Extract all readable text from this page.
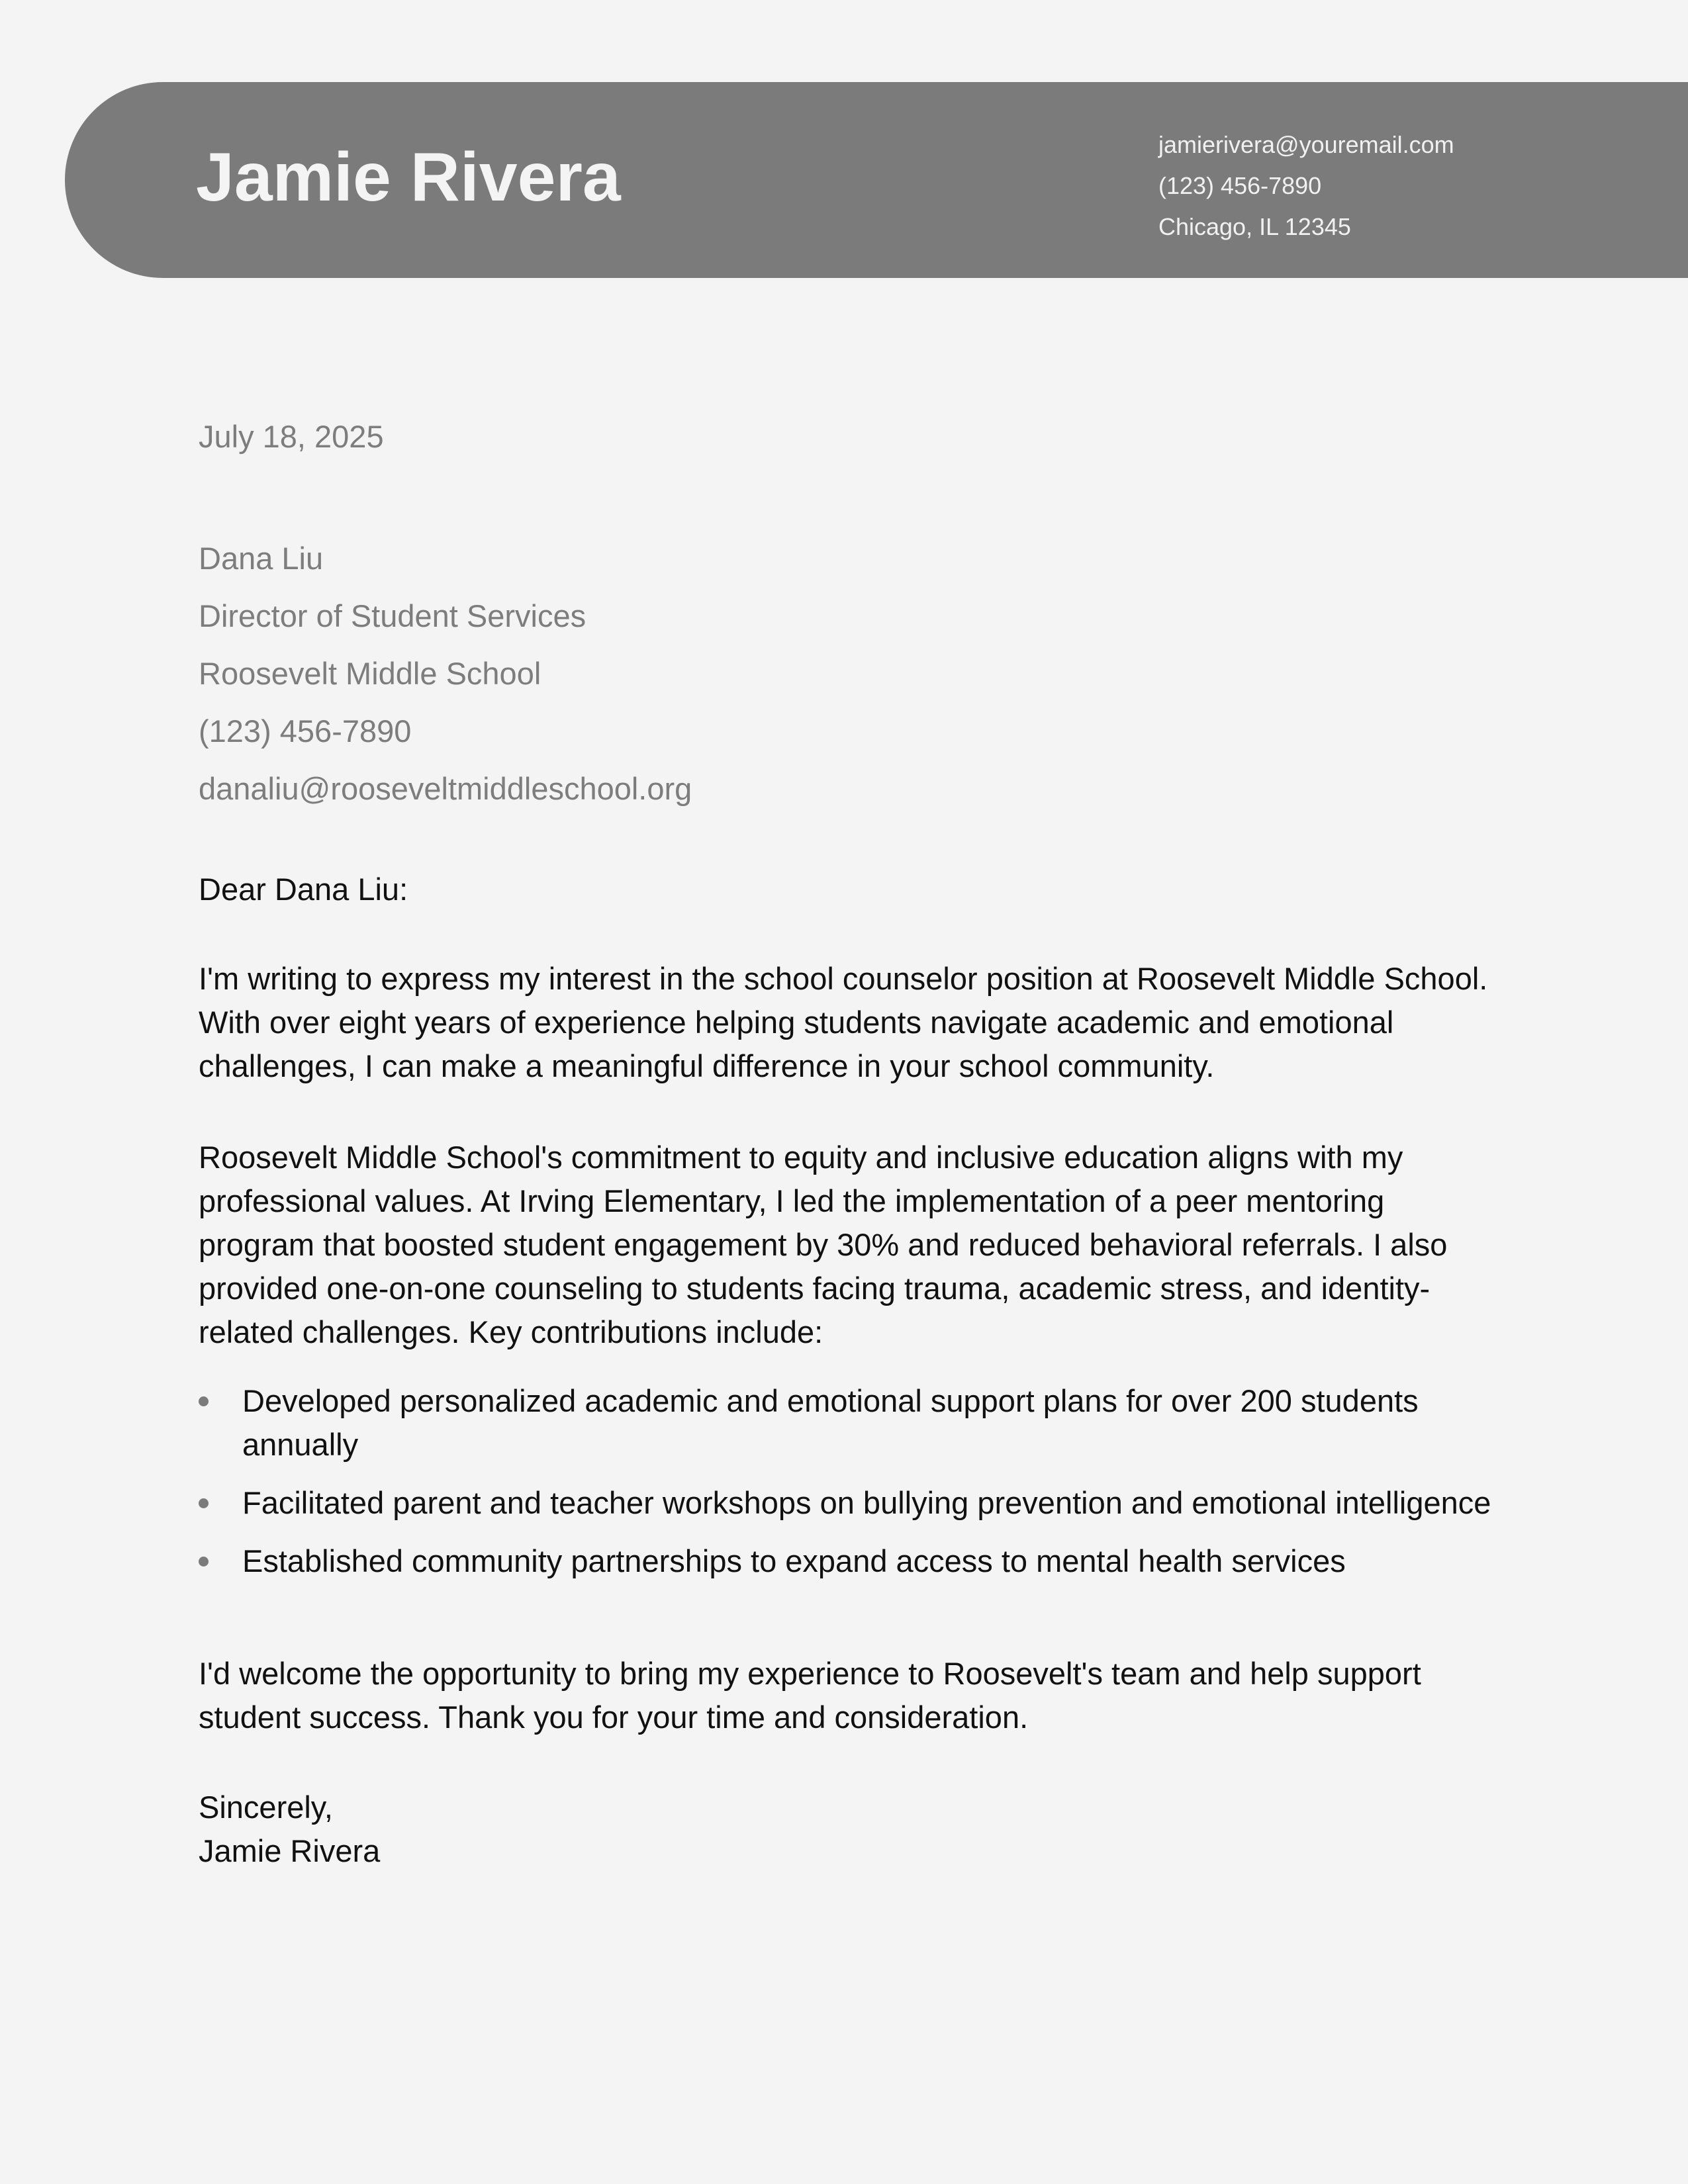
Jamie Rivera	jamierivera@youremail.com
(123) 456-7890
Chicago, IL 12345

July 18, 2025

Dana Liu
Director of Student Services
Roosevelt Middle School
(123) 456-7890
danaliu@rooseveltmiddleschool.org

Dear Dana Liu:

I'm writing to express my interest in the school counselor position at Roosevelt Middle School. With over eight years of experience helping students navigate academic and emotional challenges, I can make a meaningful difference in your school community.

Roosevelt Middle School's commitment to equity and inclusive education aligns with my professional values. At Irving Elementary, I led the implementation of a peer mentoring program that boosted student engagement by 30% and reduced behavioral referrals. I also provided one-on-one counseling to students facing trauma, academic stress, and identity-related challenges. Key contributions include:

Developed personalized academic and emotional support plans for over 200 students annually
Facilitated parent and teacher workshops on bullying prevention and emotional intelligence
Established community partnerships to expand access to mental health services

I'd welcome the opportunity to bring my experience to Roosevelt's team and help support student success. Thank you for your time and consideration.

Sincerely,
Jamie Rivera
